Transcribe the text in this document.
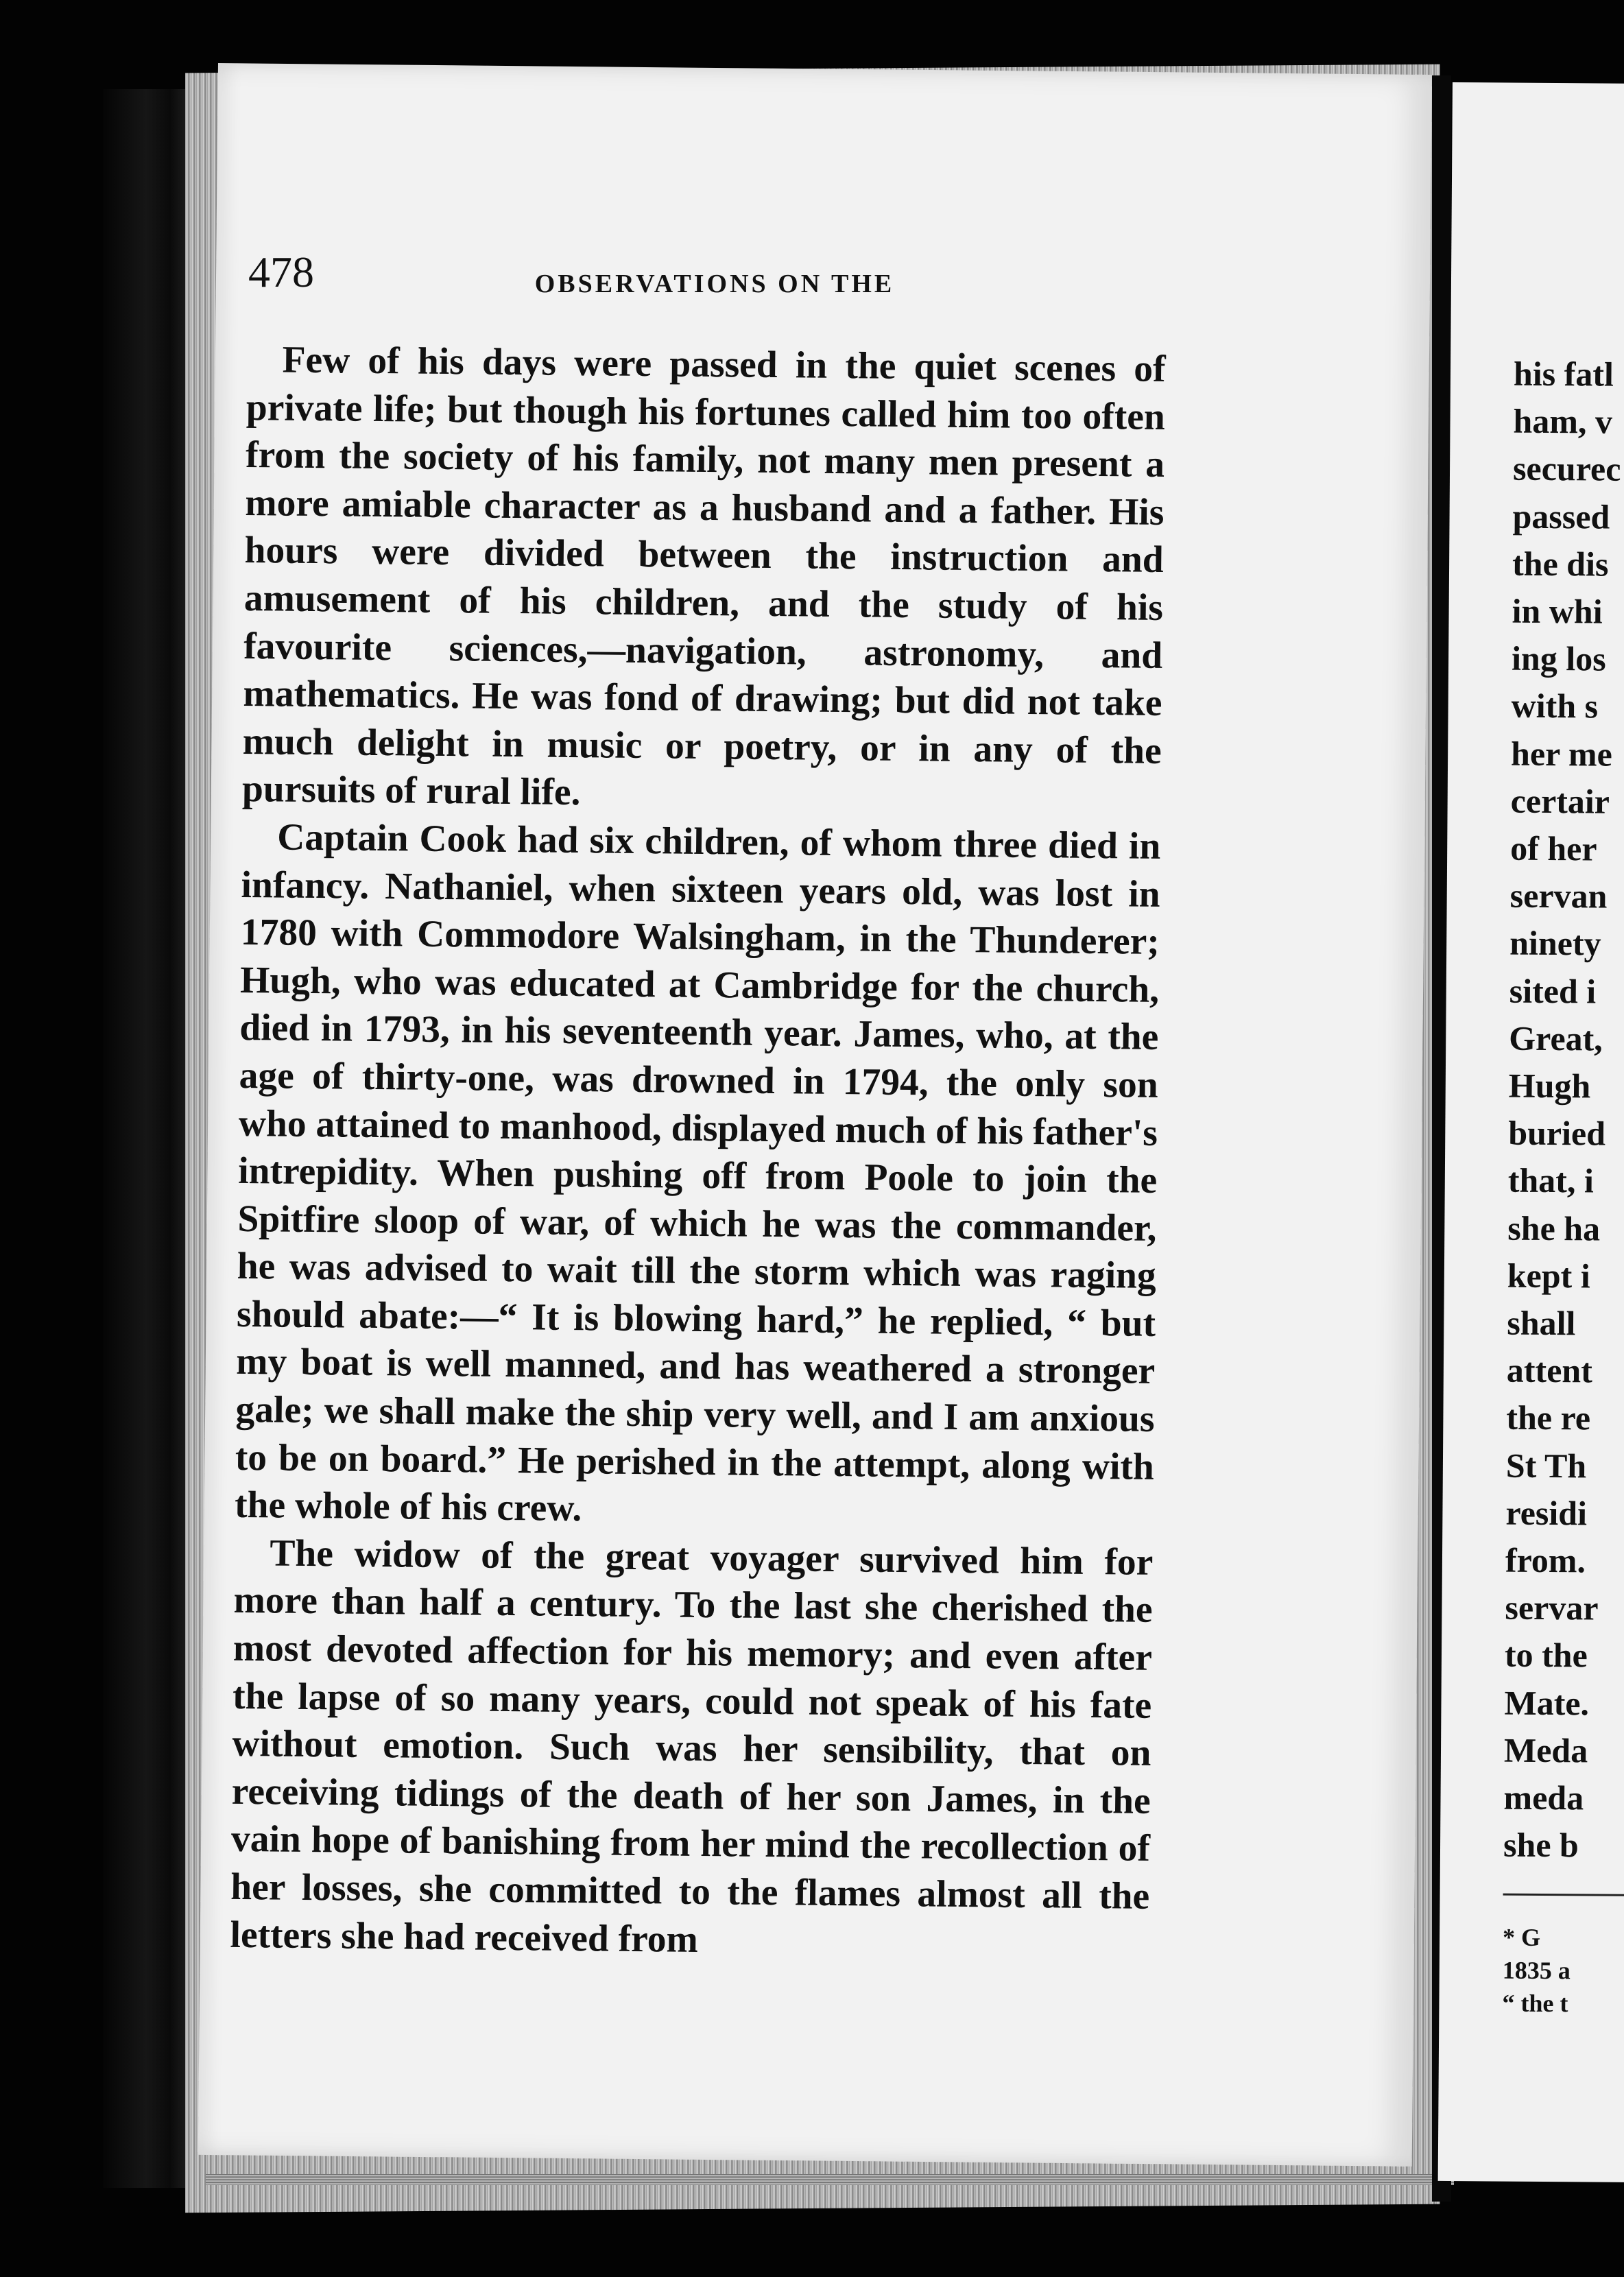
478	OBSERVATIONS ON THE

Few of his days were passed in the quiet scenes of private life; but though his fortunes called him too often from the society of his family, not many men present a more amiable character as a husband and a father. His hours were divided between the instruction and amusement of his children, and the study of his favourite sciences,—navigation, astronomy, and mathematics. He was fond of drawing; but did not take much delight in music or poetry, or in any of the pursuits of rural life.

Captain Cook had six children, of whom three died in infancy. Nathaniel, when sixteen years old, was lost in 1780 with Commodore Walsingham, in the Thunderer; Hugh, who was educated at Cambridge for the church, died in 1793, in his seventeenth year. James, who, at the age of thirty-one, was drowned in 1794, the only son who attained to manhood, displayed much of his father's intrepidity. When pushing off from Poole to join the Spitfire sloop of war, of which he was the commander, he was advised to wait till the storm which was raging should abate:—“ It is blowing hard,” he replied, “ but my boat is well manned, and has weathered a stronger gale; we shall make the ship very well, and I am anxious to be on board.” He perished in the attempt, along with the whole of his crew.

The widow of the great voyager survived him for more than half a century. To the last she cherished the most devoted affection for his memory; and even after the lapse of so many years, could not speak of his fate without emotion. Such was her sensibility, that on receiving tidings of the death of her son James, in the vain hope of banishing from her mind the recollection of her losses, she committed to the flames almost all the letters she had received from

his fatl
ham, v
securec
passed
the dis
in whi
ing los
with s
her me
certair
of her
servan
ninety
sited i
Great,
Hugh
buried
that, i
she ha
kept i
shall
attent
the re
St Th
residi
from.
servar
to the
Mate.
Meda
meda
she b
* G
1835 a
“ the t
